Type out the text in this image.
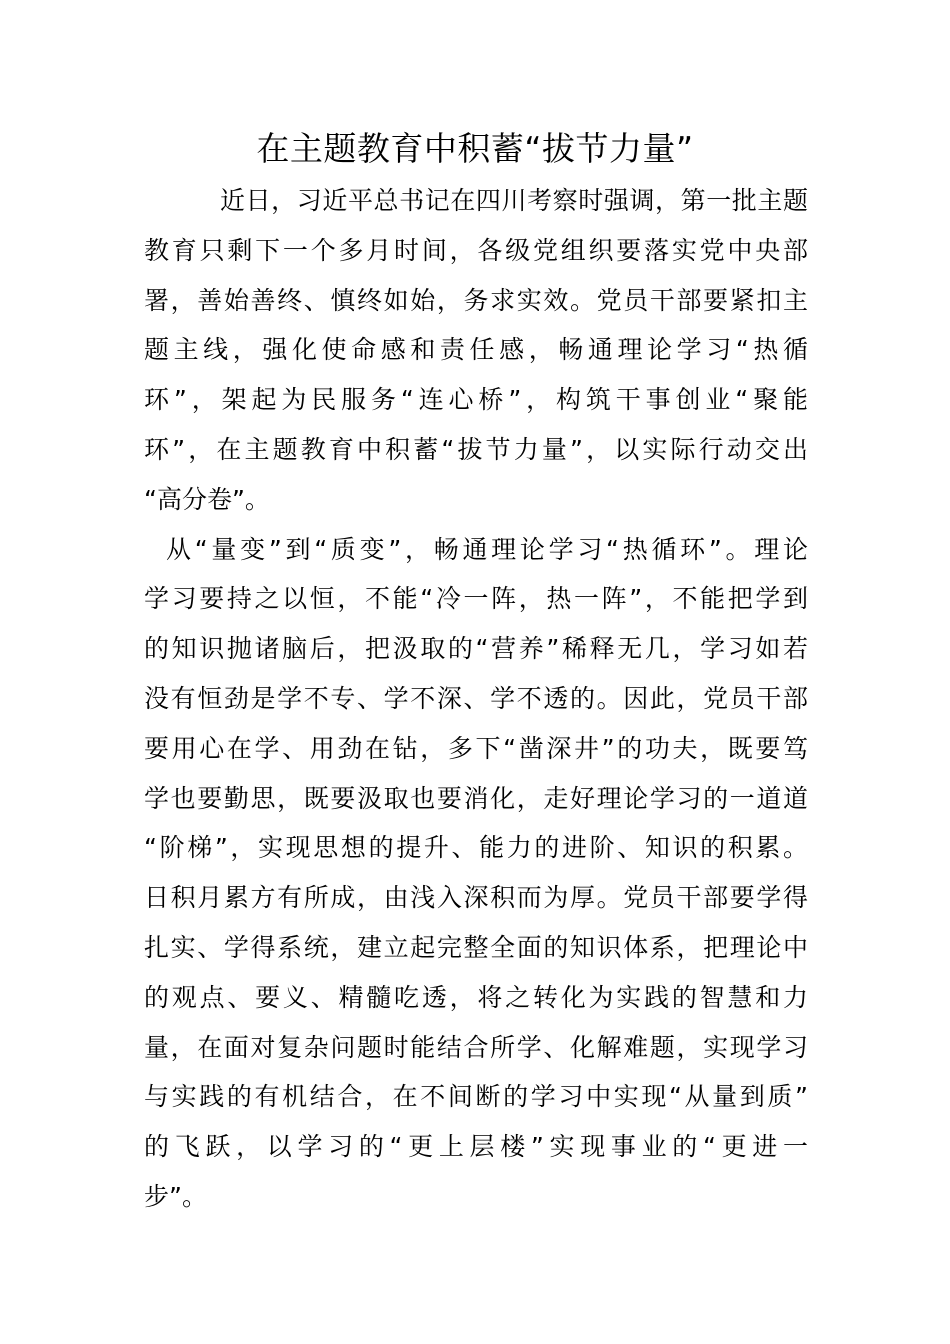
在主题教育中积蓄“拔节力量”
近日，习近平总书记在四川考察时强调，第一批主题
教育只剩下一个多月时间，各级党组织要落实党中央部
署，善始善终、慎终如始，务求实效。党员干部要紧扣主
题主线，强化使命感和责任感，畅通理论学习“热循
环”，架起为民服务“连心桥”，构筑干事创业“聚能
环”，在主题教育中积蓄“拔节力量”，以实际行动交出
“高分卷”。
从“量变”到“质变”，畅通理论学习“热循环”。理论
学习要持之以恒，不能“冷一阵，热一阵”，不能把学到
的知识抛诸脑后，把汲取的“营养”稀释无几，学习如若
没有恒劲是学不专、学不深、学不透的。因此，党员干部
要用心在学、用劲在钻，多下“凿深井”的功夫，既要笃
学也要勤思，既要汲取也要消化，走好理论学习的一道道
“阶梯”，实现思想的提升、能力的进阶、知识的积累。
日积月累方有所成，由浅入深积而为厚。党员干部要学得
扎实、学得系统，建立起完整全面的知识体系，把理论中
的观点、要义、精髓吃透，将之转化为实践的智慧和力
量，在面对复杂问题时能结合所学、化解难题，实现学习
与实践的有机结合，在不间断的学习中实现“从量到质”
的飞跃，以学习的“更上层楼”实现事业的“更进一
步”。
